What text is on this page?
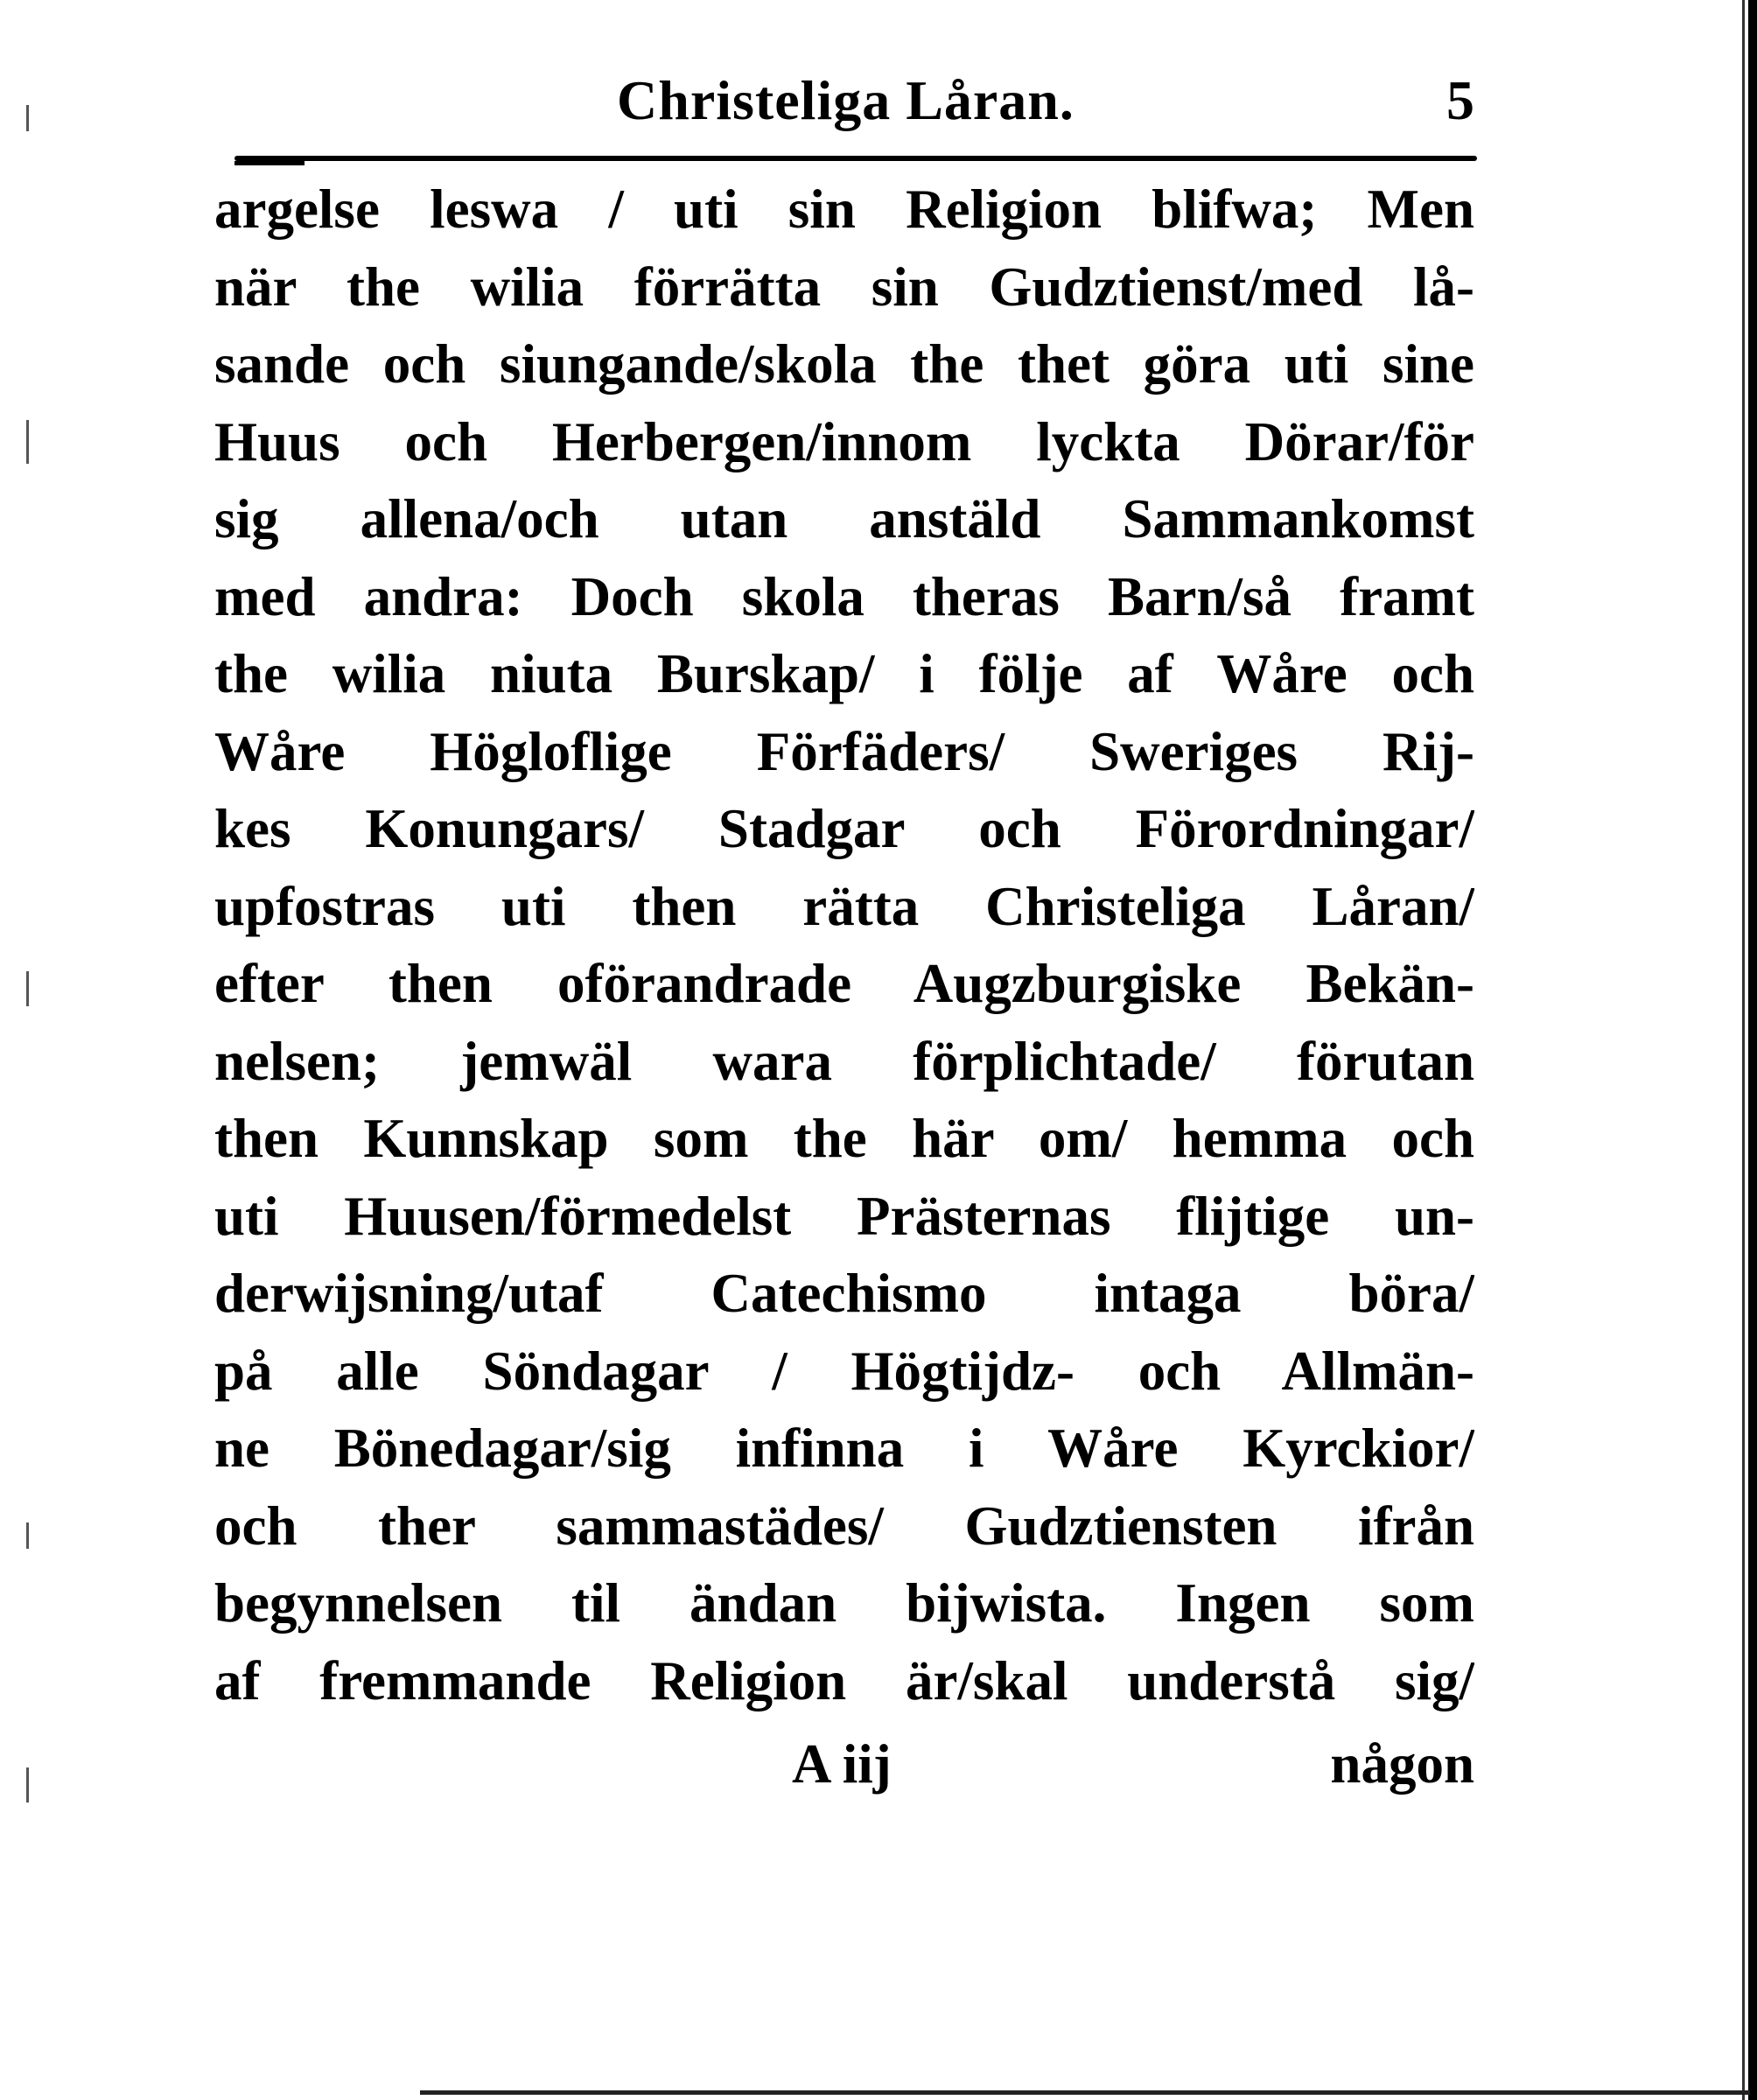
Christeliga Låran.	5
argelse leswa / uti sin Religion blifwa; Men
när the wilia förrätta sin Gudztienst/med lå-
sande och siungande/skola the thet göra uti sine
Huus och Herbergen/innom lyckta Dörar/för
sig allena/och utan anstäld Sammankomst
med andra: Doch skola theras Barn/så framt
the wilia niuta Burskap/ i följe af Wåre och
Wåre Högloflige Förfäders/ Sweriges Rij-
kes Konungars/ Stadgar och Förordningar/
upfostras uti then rätta Christeliga Låran/
efter then oförandrade Augzburgiske Bekän-
nelsen; jemwäl wara förplichtade/ förutan
then Kunnskap som the här om/ hemma och
uti Huusen/förmedelst Prästernas flijtige un-
derwijsning/utaf Catechismo intaga böra/
på alle Söndagar / Högtijdz- och Allmän-
ne Bönedagar/sig infinna i Wåre Kyrckior/
och ther sammastädes/ Gudztiensten ifrån
begynnelsen til ändan bijwista. Ingen som
af fremmande Religion är/skal understå sig/
A iij	någon
